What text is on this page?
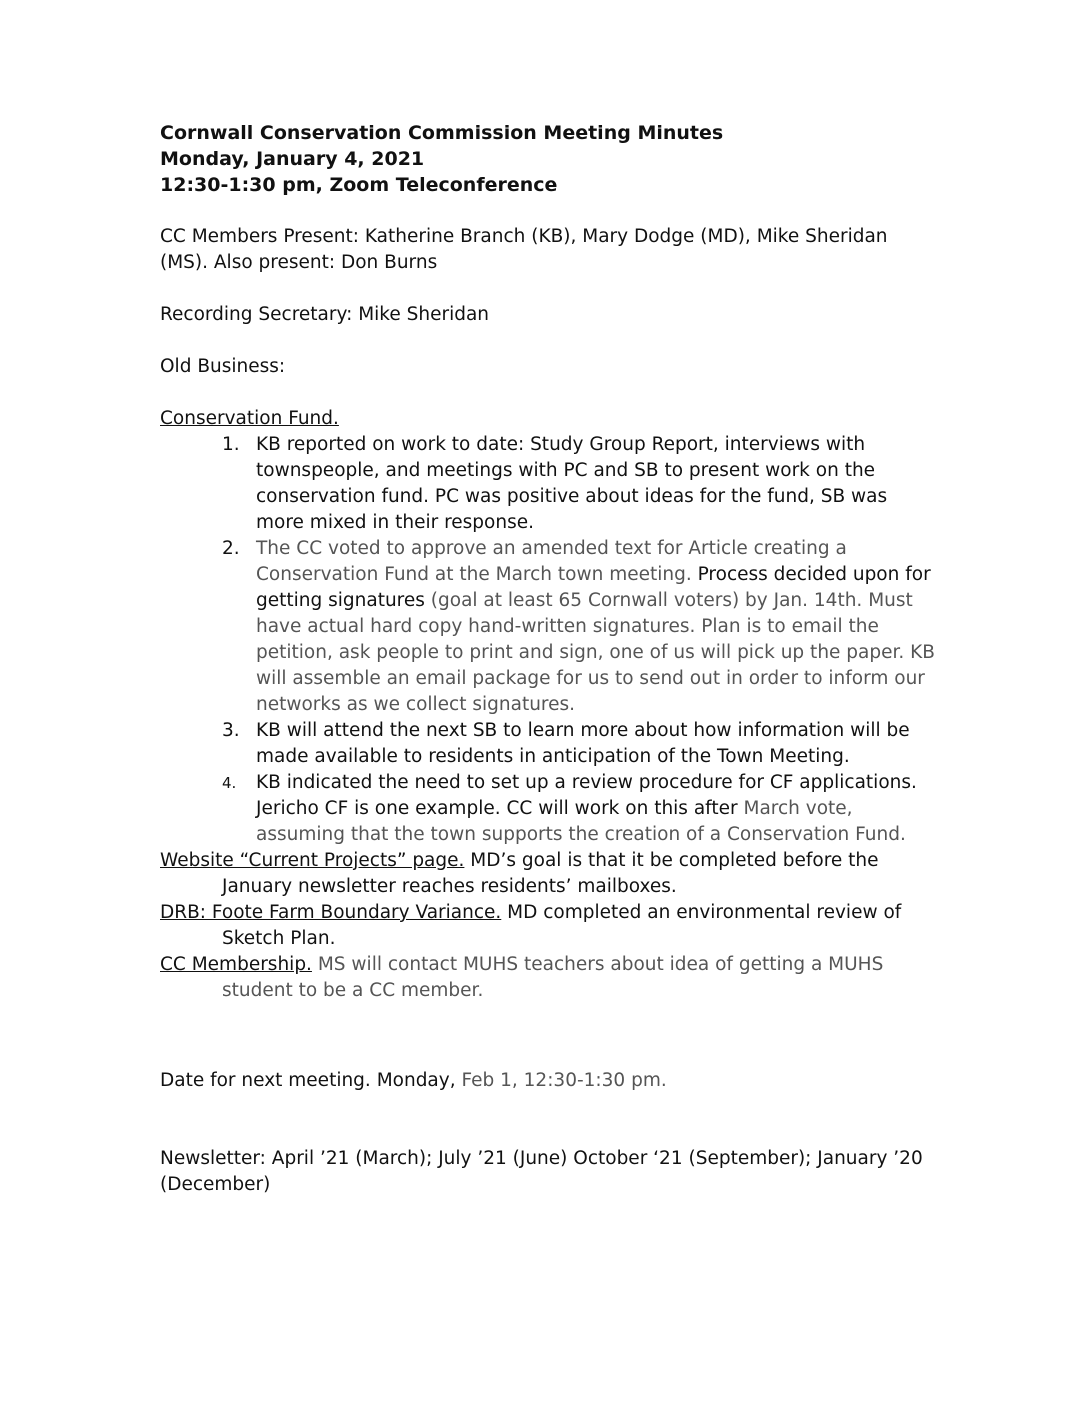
Cornwall Conservation Commission Meeting Minutes

Monday, January 4, 2021

12:30-1:30 pm, Zoom Teleconference

CC Members Present: Katherine Branch (KB), Mary Dodge (MD), Mike Sheridan (MS). Also present: Don Burns

Recording Secretary: Mike Sheridan

Old Business:

Conservation Fund.

1. KB reported on work to date: Study Group Report, interviews with townspeople, and meetings with PC and SB to present work on the conservation fund. PC was positive about ideas for the fund, SB was more mixed in their response.
2. The CC voted to approve an amended text for Article creating a Conservation Fund at the March town meeting. Process decided upon for getting signatures (goal at least 65 Cornwall voters) by Jan. 14th. Must have actual hard copy hand-written signatures. Plan is to email the petition, ask people to print and sign, one of us will pick up the paper. KB will assemble an email package for us to send out in order to inform our networks as we collect signatures.
3. KB will attend the next SB to learn more about how information will be made available to residents in anticipation of the Town Meeting.
4. KB indicated the need to set up a review procedure for CF applications. Jericho CF is one example. CC will work on this after March vote, assuming that the town supports the creation of a Conservation Fund.

Website “Current Projects” page. MD’s goal is that it be completed before the January newsletter reaches residents’ mailboxes.

DRB: Foote Farm Boundary Variance. MD completed an environmental review of Sketch Plan.

CC Membership. MS will contact MUHS teachers about idea of getting a MUHS student to be a CC member.

Date for next meeting. Monday, Feb 1, 12:30-1:30 pm.

Newsletter: April ’21 (March); July ’21 (June) October ‘21 (September); January ’20 (December)
